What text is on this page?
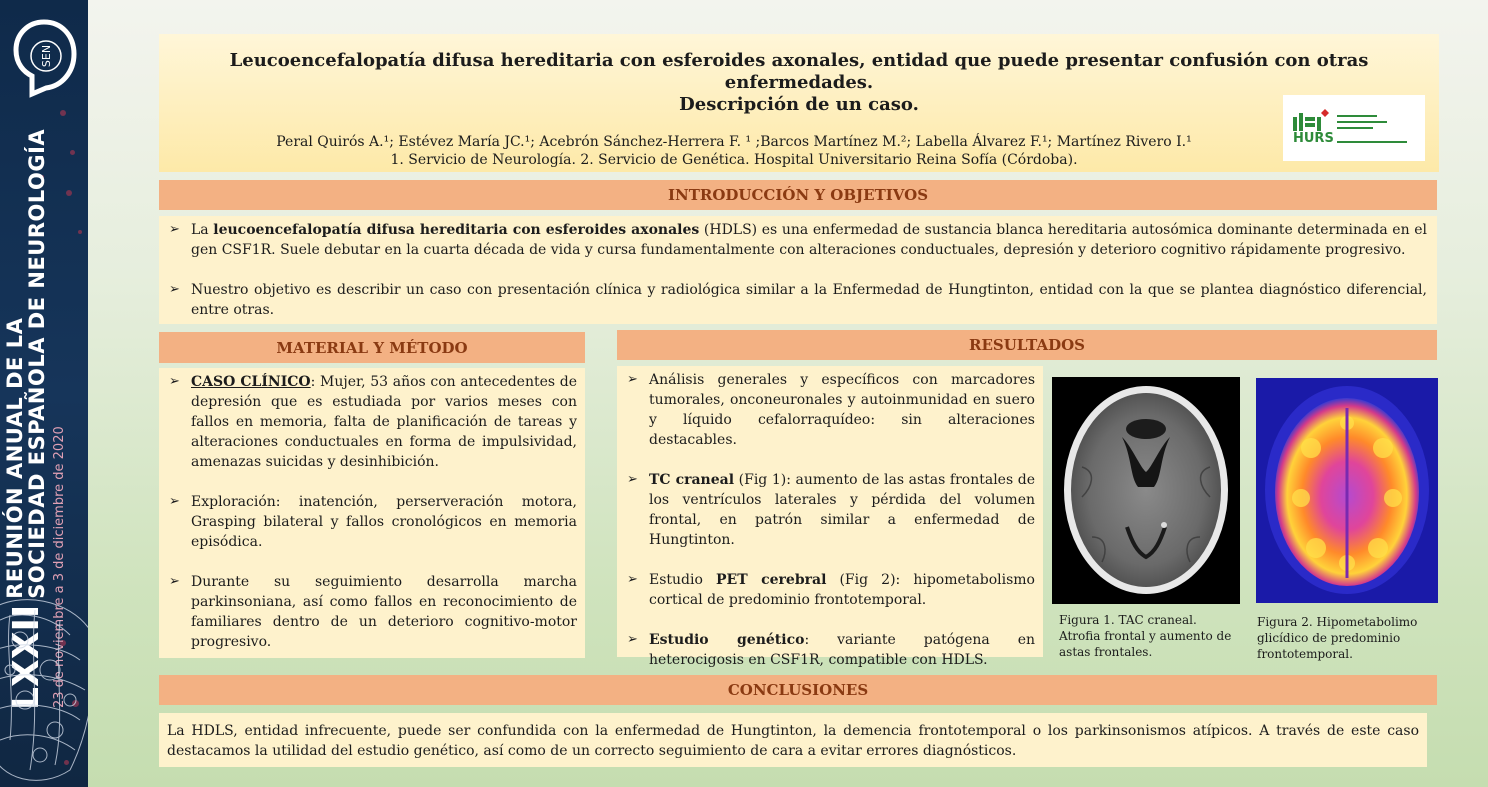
SEN
LXXII
REUNIÓN ANUAL DE LA
SOCIEDAD ESPAÑOLA DE NEUROLOGÍA 23 de noviembre a 3 de diciembre de 2020
Leucoencefalopatía difusa hereditaria con esferoides axonales, entidad que puede presentar confusión con otras enfermedades.
Descripción de un caso.
Peral Quirós A.¹; Estévez María JC.¹; Acebrón Sánchez-Herrera F. ¹ ;Barcos Martínez M.²; Labella Álvarez F.¹; Martínez Rivero I.¹
1. Servicio de Neurología. 2. Servicio de Genética. Hospital Universitario Reina Sofía (Córdoba).
HURS
INTRODUCCIÓN Y OBJETIVOS
➢ La leucoencefalopatía difusa hereditaria con esferoides axonales (HDLS) es una enfermedad de sustancia blanca hereditaria autosómica dominante determinada en el gen CSF1R. Suele debutar en la cuarta década de vida y cursa fundamentalmente con alteraciones conductuales, depresión y deterioro cognitivo rápidamente progresivo.
➢ Nuestro objetivo es describir un caso con presentación clínica y radiológica similar a la Enfermedad de Hungtinton, entidad con la que se plantea diagnóstico diferencial, entre otras.
MATERIAL Y MÉTODO
➢ CASO CLÍNICO: Mujer, 53 años con antecedentes de depresión que es estudiada por varios meses con fallos en memoria, falta de planificación de tareas y alteraciones conductuales en forma de impulsividad, amenazas suicidas y desinhibición.
➢ Exploración: inatención, perserveración motora, Grasping bilateral y fallos cronológicos en memoria episódica.
➢ Durante su seguimiento desarrolla marcha parkinsoniana, así como fallos en reconocimiento de familiares dentro de un deterioro cognitivo-motor progresivo.
RESULTADOS
➢ Análisis generales y específicos con marcadores tumorales, onconeuronales y autoinmunidad en suero y líquido cefalorraquídeo: sin alteraciones destacables.
➢ TC craneal (Fig 1): aumento de las astas frontales de los ventrículos laterales y pérdida del volumen frontal, en patrón similar a enfermedad de Hungtinton.
➢ Estudio PET cerebral (Fig 2): hipometabolismo cortical de predominio frontotemporal.
➢ Estudio genético: variante patógena en heterocigosis en CSF1R, compatible con HDLS.
Figura 1. TAC craneal. Atrofia frontal y aumento de astas frontales.
Figura 2. Hipometabolimo glicídico de predominio frontotemporal.
CONCLUSIONES
La HDLS, entidad infrecuente, puede ser confundida con la enfermedad de Hungtinton, la demencia frontotemporal o los parkinsonismos atípicos. A través de este caso destacamos la utilidad del estudio genético, así como de un correcto seguimiento de cara a evitar errores diagnósticos.
